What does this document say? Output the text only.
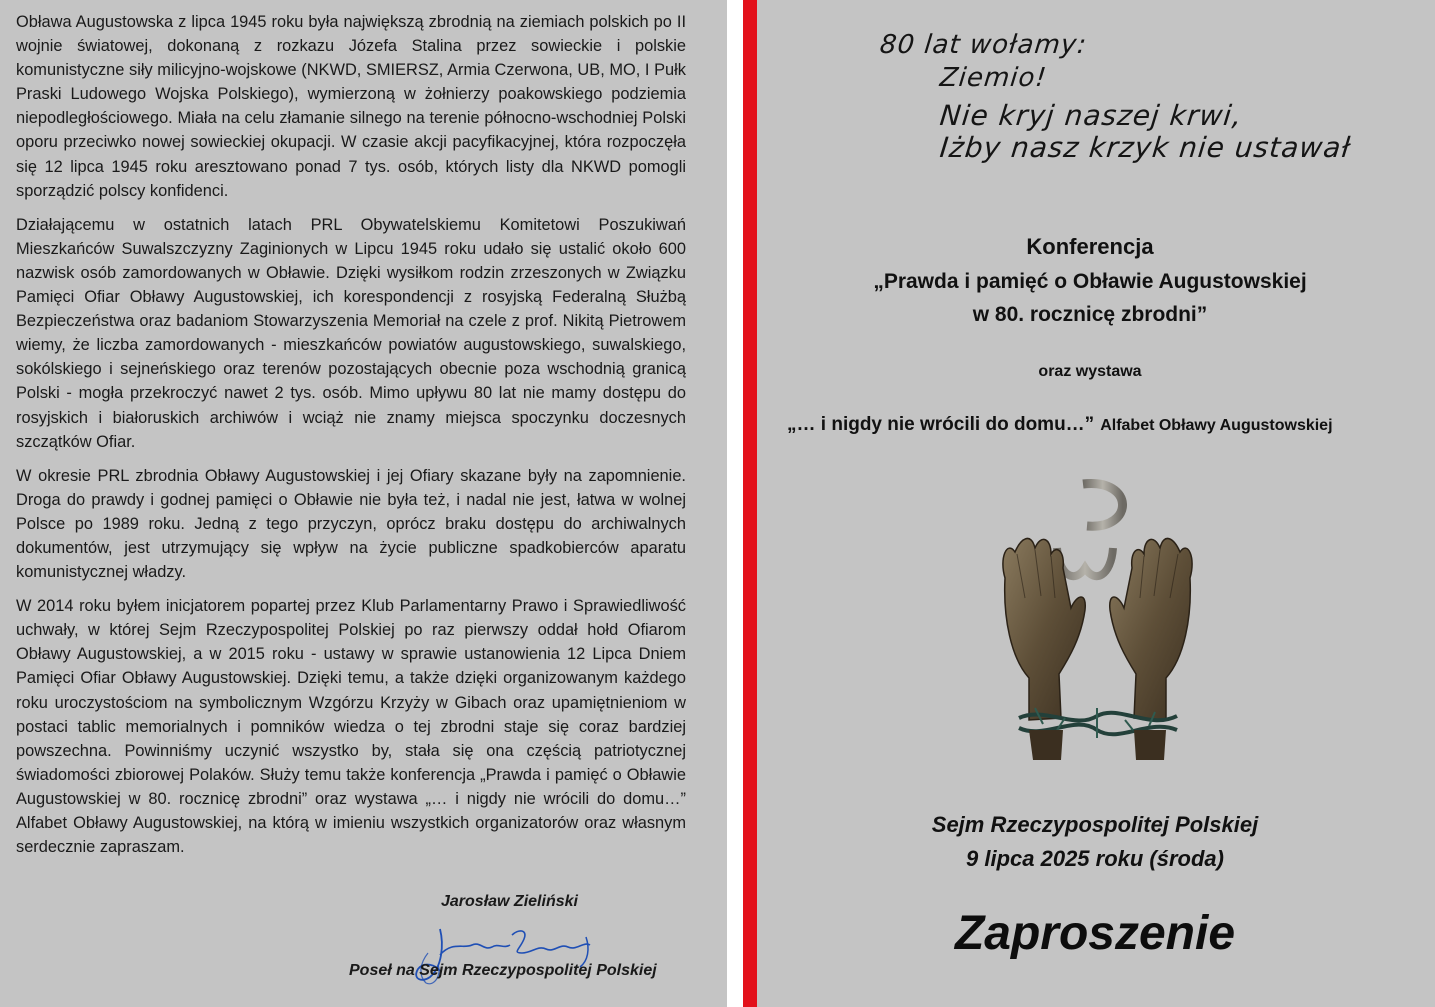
Obława Augustowska z lipca 1945 roku była największą zbrodnią na ziemiach polskich po II wojnie światowej, dokonaną z rozkazu Józefa Stalina przez sowieckie i polskie komunistyczne siły milicyjno-wojskowe (NKWD, SMIERSZ, Armia Czerwona, UB, MO, I Pułk Praski Ludowego Wojska Polskiego), wymierzoną w żołnierzy poakowskiego podziemia niepodległościowego. Miała na celu złamanie silnego na terenie północno-wschodniej Polski oporu przeciwko nowej sowieckiej okupacji. W czasie akcji pacyfikacyjnej, która rozpoczęła się 12 lipca 1945 roku aresztowano ponad 7 tys. osób, których listy dla NKWD pomogli sporządzić polscy konfidenci.

Działającemu w ostatnich latach PRL Obywatelskiemu Komitetowi Poszukiwań Mieszkańców Suwalszczyzny Zaginionych w Lipcu 1945 roku udało się ustalić około 600 nazwisk osób zamordowanych w Obławie. Dzięki wysiłkom rodzin zrzeszonych w Związku Pamięci Ofiar Obławy Augustowskiej, ich korespondencji z rosyjską Federalną Służbą Bezpieczeństwa oraz badaniom Stowarzyszenia Memoriał na czele z prof. Nikitą Pietrowem wiemy, że liczba zamordowanych - mieszkańców powiatów augustowskiego, suwalskiego, sokólskiego i sejneńskiego oraz terenów pozostających obecnie poza wschodnią granicą Polski - mogła przekroczyć nawet 2 tys. osób. Mimo upływu 80 lat nie mamy dostępu do rosyjskich i białoruskich archiwów i wciąż nie znamy miejsca spoczynku doczesnych szczątków Ofiar.

W okresie PRL zbrodnia Obławy Augustowskiej i jej Ofiary skazane były na zapomnienie. Droga do prawdy i godnej pamięci o Obławie nie była też, i nadal nie jest, łatwa w wolnej Polsce po 1989 roku. Jedną z tego przyczyn, oprócz braku dostępu do archiwalnych dokumentów, jest utrzymujący się wpływ na życie publiczne spadkobierców aparatu komunistycznej władzy.

W 2014 roku byłem inicjatorem popartej przez Klub Parlamentarny Prawo i Sprawiedliwość uchwały, w której Sejm Rzeczypospolitej Polskiej po raz pierwszy oddał hołd Ofiarom Obławy Augustowskiej, a w 2015 roku - ustawy w sprawie ustanowienia 12 Lipca Dniem Pamięci Ofiar Obławy Augustowskiej. Dzięki temu, a także dzięki organizowanym każdego roku uroczystościom na symbolicznym Wzgórzu Krzyży w Gibach oraz upamiętnieniom w postaci tablic memorialnych i pomników wiedza o tej zbrodni staje się coraz bardziej powszechna. Powinniśmy uczynić wszystko by, stała się ona częścią patriotycznej świadomości zbiorowej Polaków. Służy temu także konferencja „Prawda i pamięć o Obławie Augustowskiej w 80. rocznicę zbrodni” oraz wystawa „… i nigdy nie wrócili do domu…” Alfabet Obławy Augustowskiej, na którą w imieniu wszystkich organizatorów oraz własnym serdecznie zapraszam.

Jarosław Zieliński
Poseł na Sejm Rzeczypospolitej Polskiej
80 lat wołamy:
Ziemio!
Nie kryj naszej krwi,
Iżby nasz krzyk nie ustawał
Konferencja
„Prawda i pamięć o Obławie Augustowskiej
w 80. rocznicę zbrodni”
oraz wystawa
„… i nigdy nie wrócili do domu…” Alfabet Obławy Augustowskiej
Sejm Rzeczypospolitej Polskiej
9 lipca 2025 roku (środa)
Zaproszenie
